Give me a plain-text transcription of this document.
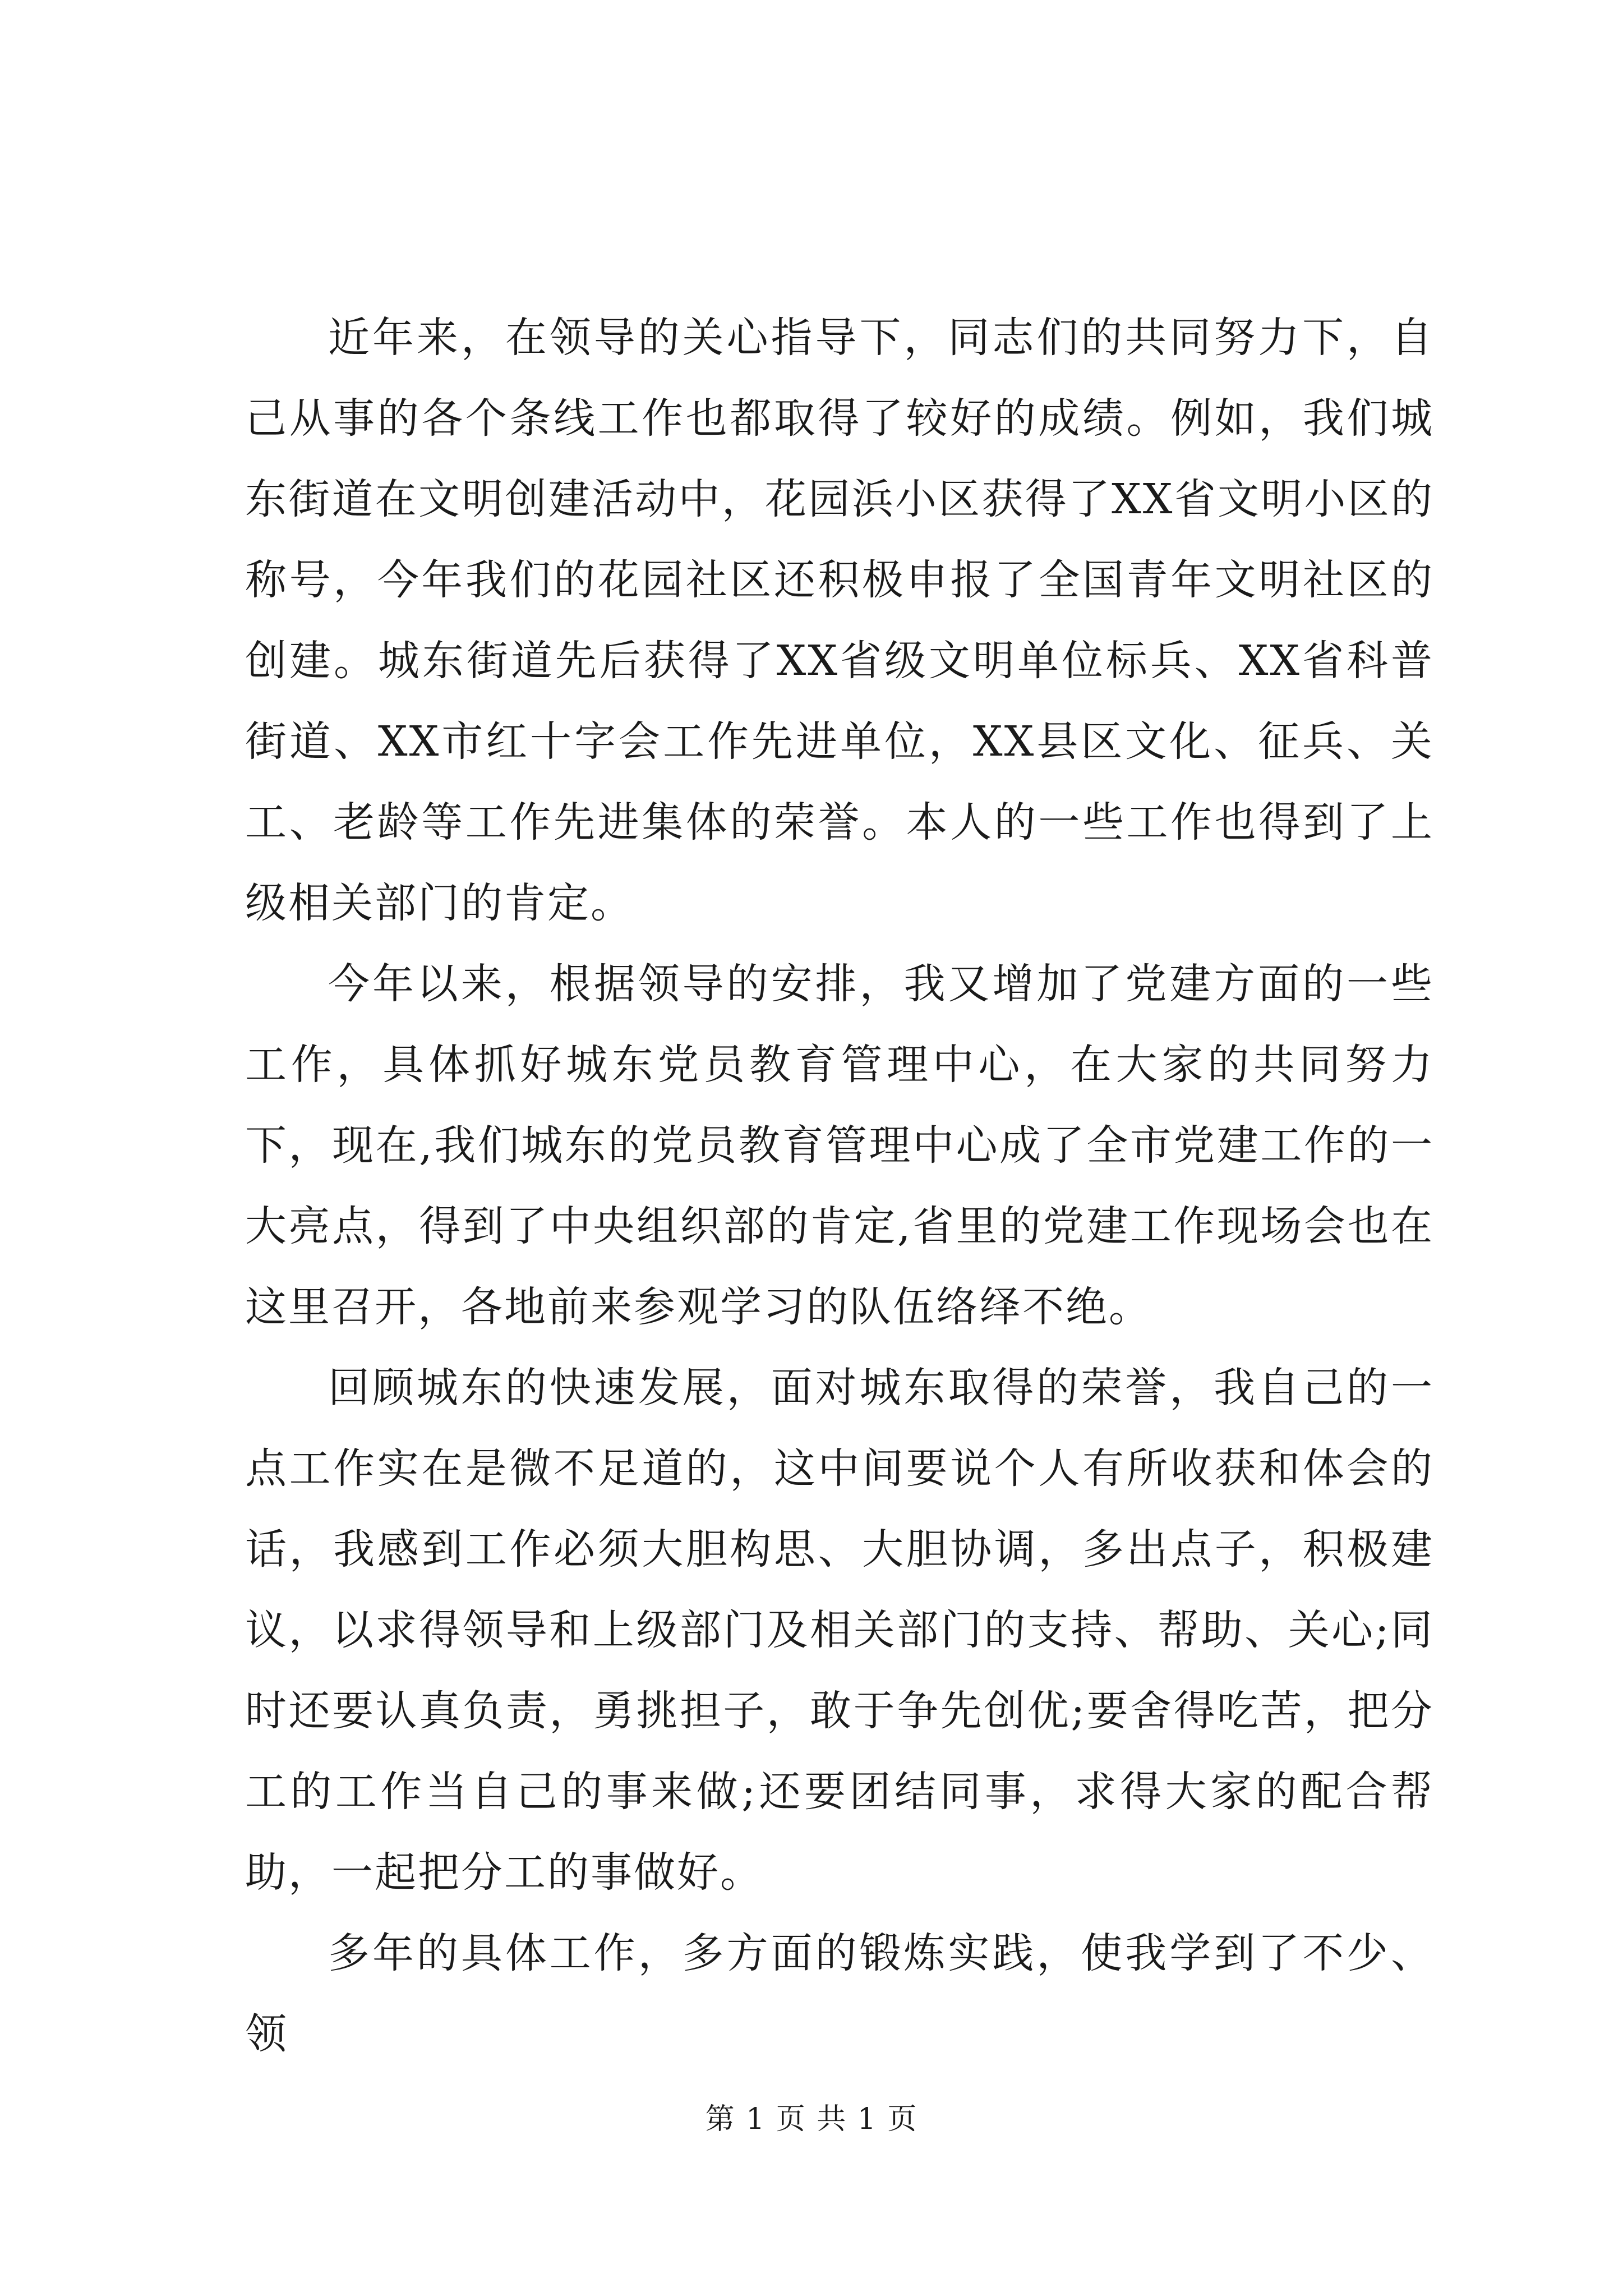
近年来，在领导的关心指导下，同志们的共同努力下，自己从事的各个条线工作也都取得了较好的成绩。例如，我们城东街道在文明创建活动中，花园浜小区获得了XX省文明小区的称号，今年我们的花园社区还积极申报了全国青年文明社区的创建。城东街道先后获得了XX省级文明单位标兵、XX省科普街道、XX市红十字会工作先进单位，XX县区文化、征兵、关工、老龄等工作先进集体的荣誉。本人的一些工作也得到了上级相关部门的肯定。

今年以来，根据领导的安排，我又增加了党建方面的一些工作，具体抓好城东党员教育管理中心，在大家的共同努力下，现在,我们城东的党员教育管理中心成了全市党建工作的一大亮点，得到了中央组织部的肯定,省里的党建工作现场会也在这里召开，各地前来参观学习的队伍络绎不绝。

回顾城东的快速发展，面对城东取得的荣誉，我自己的一点工作实在是微不足道的，这中间要说个人有所收获和体会的话，我感到工作必须大胆构思、大胆协调，多出点子，积极建议，以求得领导和上级部门及相关部门的支持、帮助、关心;同时还要认真负责，勇挑担子，敢于争先创优;要舍得吃苦，把分工的工作当自己的事来做;还要团结同事，求得大家的配合帮助，一起把分工的事做好。

多年的具体工作，多方面的锻炼实践，使我学到了不少、领

第 1 页 共 1 页
